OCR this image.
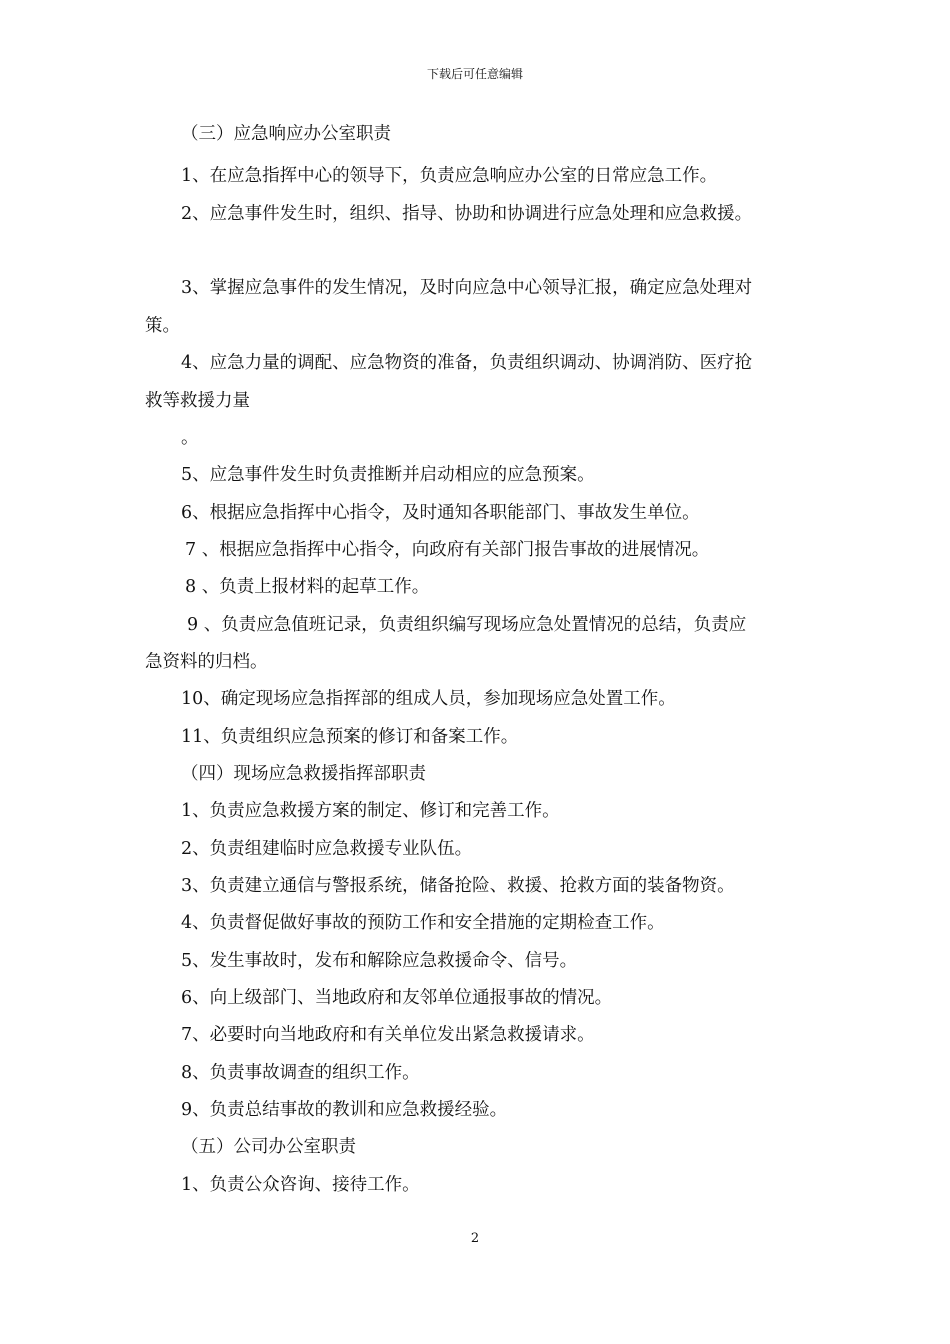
下载后可任意编辑
（三）应急响应办公室职责
1、在应急指挥中心的领导下，负责应急响应办公室的日常应急工作。
2、应急事件发生时，组织、指导、协助和协调进行应急处理和应急救援。
3、掌握应急事件的发生情况，及时向应急中心领导汇报，确定应急处理对
策。
4、应急力量的调配、应急物资的准备，负责组织调动、协调消防、医疗抢
救等救援力量
。
5、应急事件发生时负责推断并启动相应的应急预案。
6、根据应急指挥中心指令，及时通知各职能部门、事故发生单位。
7 、根据应急指挥中心指令，向政府有关部门报告事故的进展情况。
8 、负责上报材料的起草工作。
9 、负责应急值班记录，负责组织编写现场应急处置情况的总结，负责应
急资料的归档。
10、确定现场应急指挥部的组成人员，参加现场应急处置工作。
11、负责组织应急预案的修订和备案工作。
（四）现场应急救援指挥部职责
1、负责应急救援方案的制定、修订和完善工作。
2、负责组建临时应急救援专业队伍。
3、负责建立通信与警报系统，储备抢险、救援、抢救方面的装备物资。
4、负责督促做好事故的预防工作和安全措施的定期检查工作。
5、发生事故时，发布和解除应急救援命令、信号。
6、向上级部门、当地政府和友邻单位通报事故的情况。
7、必要时向当地政府和有关单位发出紧急救援请求。
8、负责事故调查的组织工作。
9、负责总结事故的教训和应急救援经验。
（五）公司办公室职责
1、负责公众咨询、接待工作。
2
